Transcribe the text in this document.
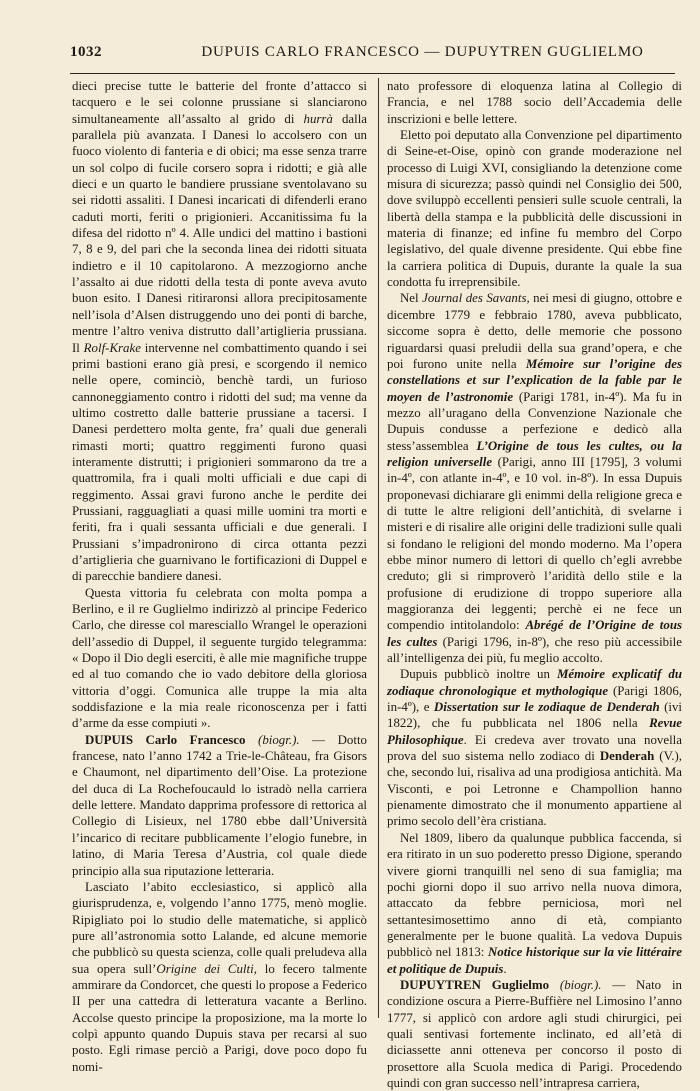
1032	DUPUIS CARLO FRANCESCO — DUPUYTREN GUGLIELMO

dieci precise tutte le batterie del fronte d’attacco si tacquero e le sei colonne prussiane si slanciarono simultaneamente all’assalto al grido di hurrà dalla parallela più avanzata. I Danesi lo accolsero con un fuoco violento di fanteria e di obici; ma esse senza trarre un sol colpo di fucile corsero sopra i ridotti; e già alle dieci e un quarto le bandiere prussiane sventolavano su sei ridotti assaliti. I Danesi incaricati di difenderli erano caduti morti, feriti o prigionieri. Accanitissima fu la difesa del ridotto nº 4. Alle undici del mattino i bastioni 7, 8 e 9, del pari che la seconda linea dei ridotti situata indietro e il 10 capitolarono. A mezzogiorno anche l’assalto ai due ridotti della testa di ponte aveva avuto buon esito. I Danesi ritiraronsi allora precipitosamente nell’isola d’Alsen distruggendo uno dei ponti di barche, mentre l’altro veniva distrutto dall’artiglieria prussiana. Il Rolf-Krake intervenne nel combattimento quando i sei primi bastioni erano già presi, e scorgendo il nemico nelle opere, cominciò, benchè tardi, un furioso cannoneggiamento contro i ridotti del sud; ma venne da ultimo costretto dalle batterie prussiane a tacersi. I Danesi perdettero molta gente, fra’ quali due generali rimasti morti; quattro reggimenti furono quasi interamente distrutti; i prigionieri sommarono da tre a quattromila, fra i quali molti ufficiali e due capi di reggimento. Assai gravi furono anche le perdite dei Prussiani, ragguagliati a quasi mille uomini tra morti e feriti, fra i quali sessanta ufficiali e due generali. I Prussiani s’impadronirono di circa ottanta pezzi d’artiglieria che guarnivano le fortificazioni di Duppel e di parecchie bandiere danesi.

Questa vittoria fu celebrata con molta pompa a Berlino, e il re Guglielmo indirizzò al principe Federico Carlo, che diresse col maresciallo Wrangel le operazioni dell’assedio di Duppel, il seguente turgido telegramma: « Dopo il Dio degli eserciti, è alle mie magnifiche truppe ed al tuo comando che io vado debitore della gloriosa vittoria d’oggi. Comunica alle truppe la mia alta soddisfazione e la mia reale riconoscenza per i fatti d’arme da esse compiuti ».

DUPUIS Carlo Francesco (biogr.). — Dotto francese, nato l’anno 1742 a Trie-le-Château, fra Gisors e Chaumont, nel dipartimento dell’Oise. La protezione del duca di La Rochefoucauld lo istradò nella carriera delle lettere. Mandato dapprima professore di rettorica al Collegio di Lisieux, nel 1780 ebbe dall’Università l’incarico di recitare pubblicamente l’elogio funebre, in latino, di Maria Teresa d’Austria, col quale diede principio alla sua riputazione letteraria.

Lasciato l’abito ecclesiastico, si applicò alla giurisprudenza, e, volgendo l’anno 1775, menò moglie. Ripigliato poi lo studio delle matematiche, si applicò pure all’astronomia sotto Lalande, ed alcune memorie che pubblicò su questa scienza, colle quali preludeva alla sua opera sull’Origine dei Culti, lo fecero talmente ammirare da Condorcet, che questi lo propose a Federico II per una cattedra di letteratura vacante a Berlino. Accolse questo principe la proposizione, ma la morte lo colpì appunto quando Dupuis stava per recarsi al suo posto. Egli rimase perciò a Parigi, dove poco dopo fu nomi-

nato professore di eloquenza latina al Collegio di Francia, e nel 1788 socio dell’Accademia delle inscrizioni e belle lettere.

Eletto poi deputato alla Convenzione pel dipartimento di Seine-et-Oise, opinò con grande moderazione nel processo di Luigi XVI, consigliando la detenzione come misura di sicurezza; passò quindi nel Consiglio dei 500, dove sviluppò eccellenti pensieri sulle scuole centrali, la libertà della stampa e la pubblicità delle discussioni in materia di finanze; ed infine fu membro del Corpo legislativo, del quale divenne presidente. Qui ebbe fine la carriera politica di Dupuis, durante la quale la sua condotta fu irreprensibile.

Nel Journal des Savants, nei mesi di giugno, ottobre e dicembre 1779 e febbraio 1780, aveva pubblicato, siccome sopra è detto, delle memorie che possono riguardarsi quasi preludii della sua grand’opera, e che poi furono unite nella Mémoire sur l’origine des constellations et sur l’explication de la fable par le moyen de l’astronomie (Parigi 1781, in-4º). Ma fu in mezzo all’uragano della Convenzione Nazionale che Dupuis condusse a perfezione e dedicò alla stess’assemblea L’Origine de tous les cultes, ou la religion universelle (Parigi, anno III [1795], 3 volumi in-4º, con atlante in-4º, e 10 vol. in-8º). In essa Dupuis proponevasi dichiarare gli enimmi della religione greca e di tutte le altre religioni dell’antichità, di svelarne i misteri e di risalire alle origini delle tradizioni sulle quali si fondano le religioni del mondo moderno. Ma l’opera ebbe minor numero di lettori di quello ch’egli avrebbe creduto; gli si rimproverò l’aridità dello stile e la profusione di erudizione di troppo superiore alla maggioranza dei leggenti; perchè ei ne fece un compendio intitolandolo: Abrégé de l’Origine de tous les cultes (Parigi 1796, in-8º), che reso più accessibile all’intelligenza dei più, fu meglio accolto.

Dupuis pubblicò inoltre un Mémoire explicatif du zodiaque chronologique et mythologique (Parigi 1806, in-4º), e Dissertation sur le zodiaque de Denderah (ivi 1822), che fu pubblicata nel 1806 nella Revue Philosophique. Ei credeva aver trovato una novella prova del suo sistema nello zodiaco di Denderah (V.), che, secondo lui, risaliva ad una prodigiosa antichità. Ma Visconti, e poi Letronne e Champollion hanno pienamente dimostrato che il monumento appartiene al primo secolo dell’èra cristiana.

Nel 1809, libero da qualunque pubblica faccenda, si era ritirato in un suo poderetto presso Digione, sperando vivere giorni tranquilli nel seno di sua famiglia; ma pochi giorni dopo il suo arrivo nella nuova dimora, attaccato da febbre perniciosa, morì nel settantesimosettimo anno di età, compianto generalmente per le buone qualità. La vedova Dupuis pubblicò nel 1813: Notice historique sur la vie littéraire et politique de Dupuis.

DUPUYTREN Guglielmo (biogr.). — Nato in condizione oscura a Pierre-Buffière nel Limosino l’anno 1777, si applicò con ardore agli studi chirurgici, pei quali sentivasi fortemente inclinato, ed all’età di diciassette anni otteneva per concorso il posto di prosettore alla Scuola medica di Parigi. Procedendo quindi con gran successo nell’intrapresa carriera,
